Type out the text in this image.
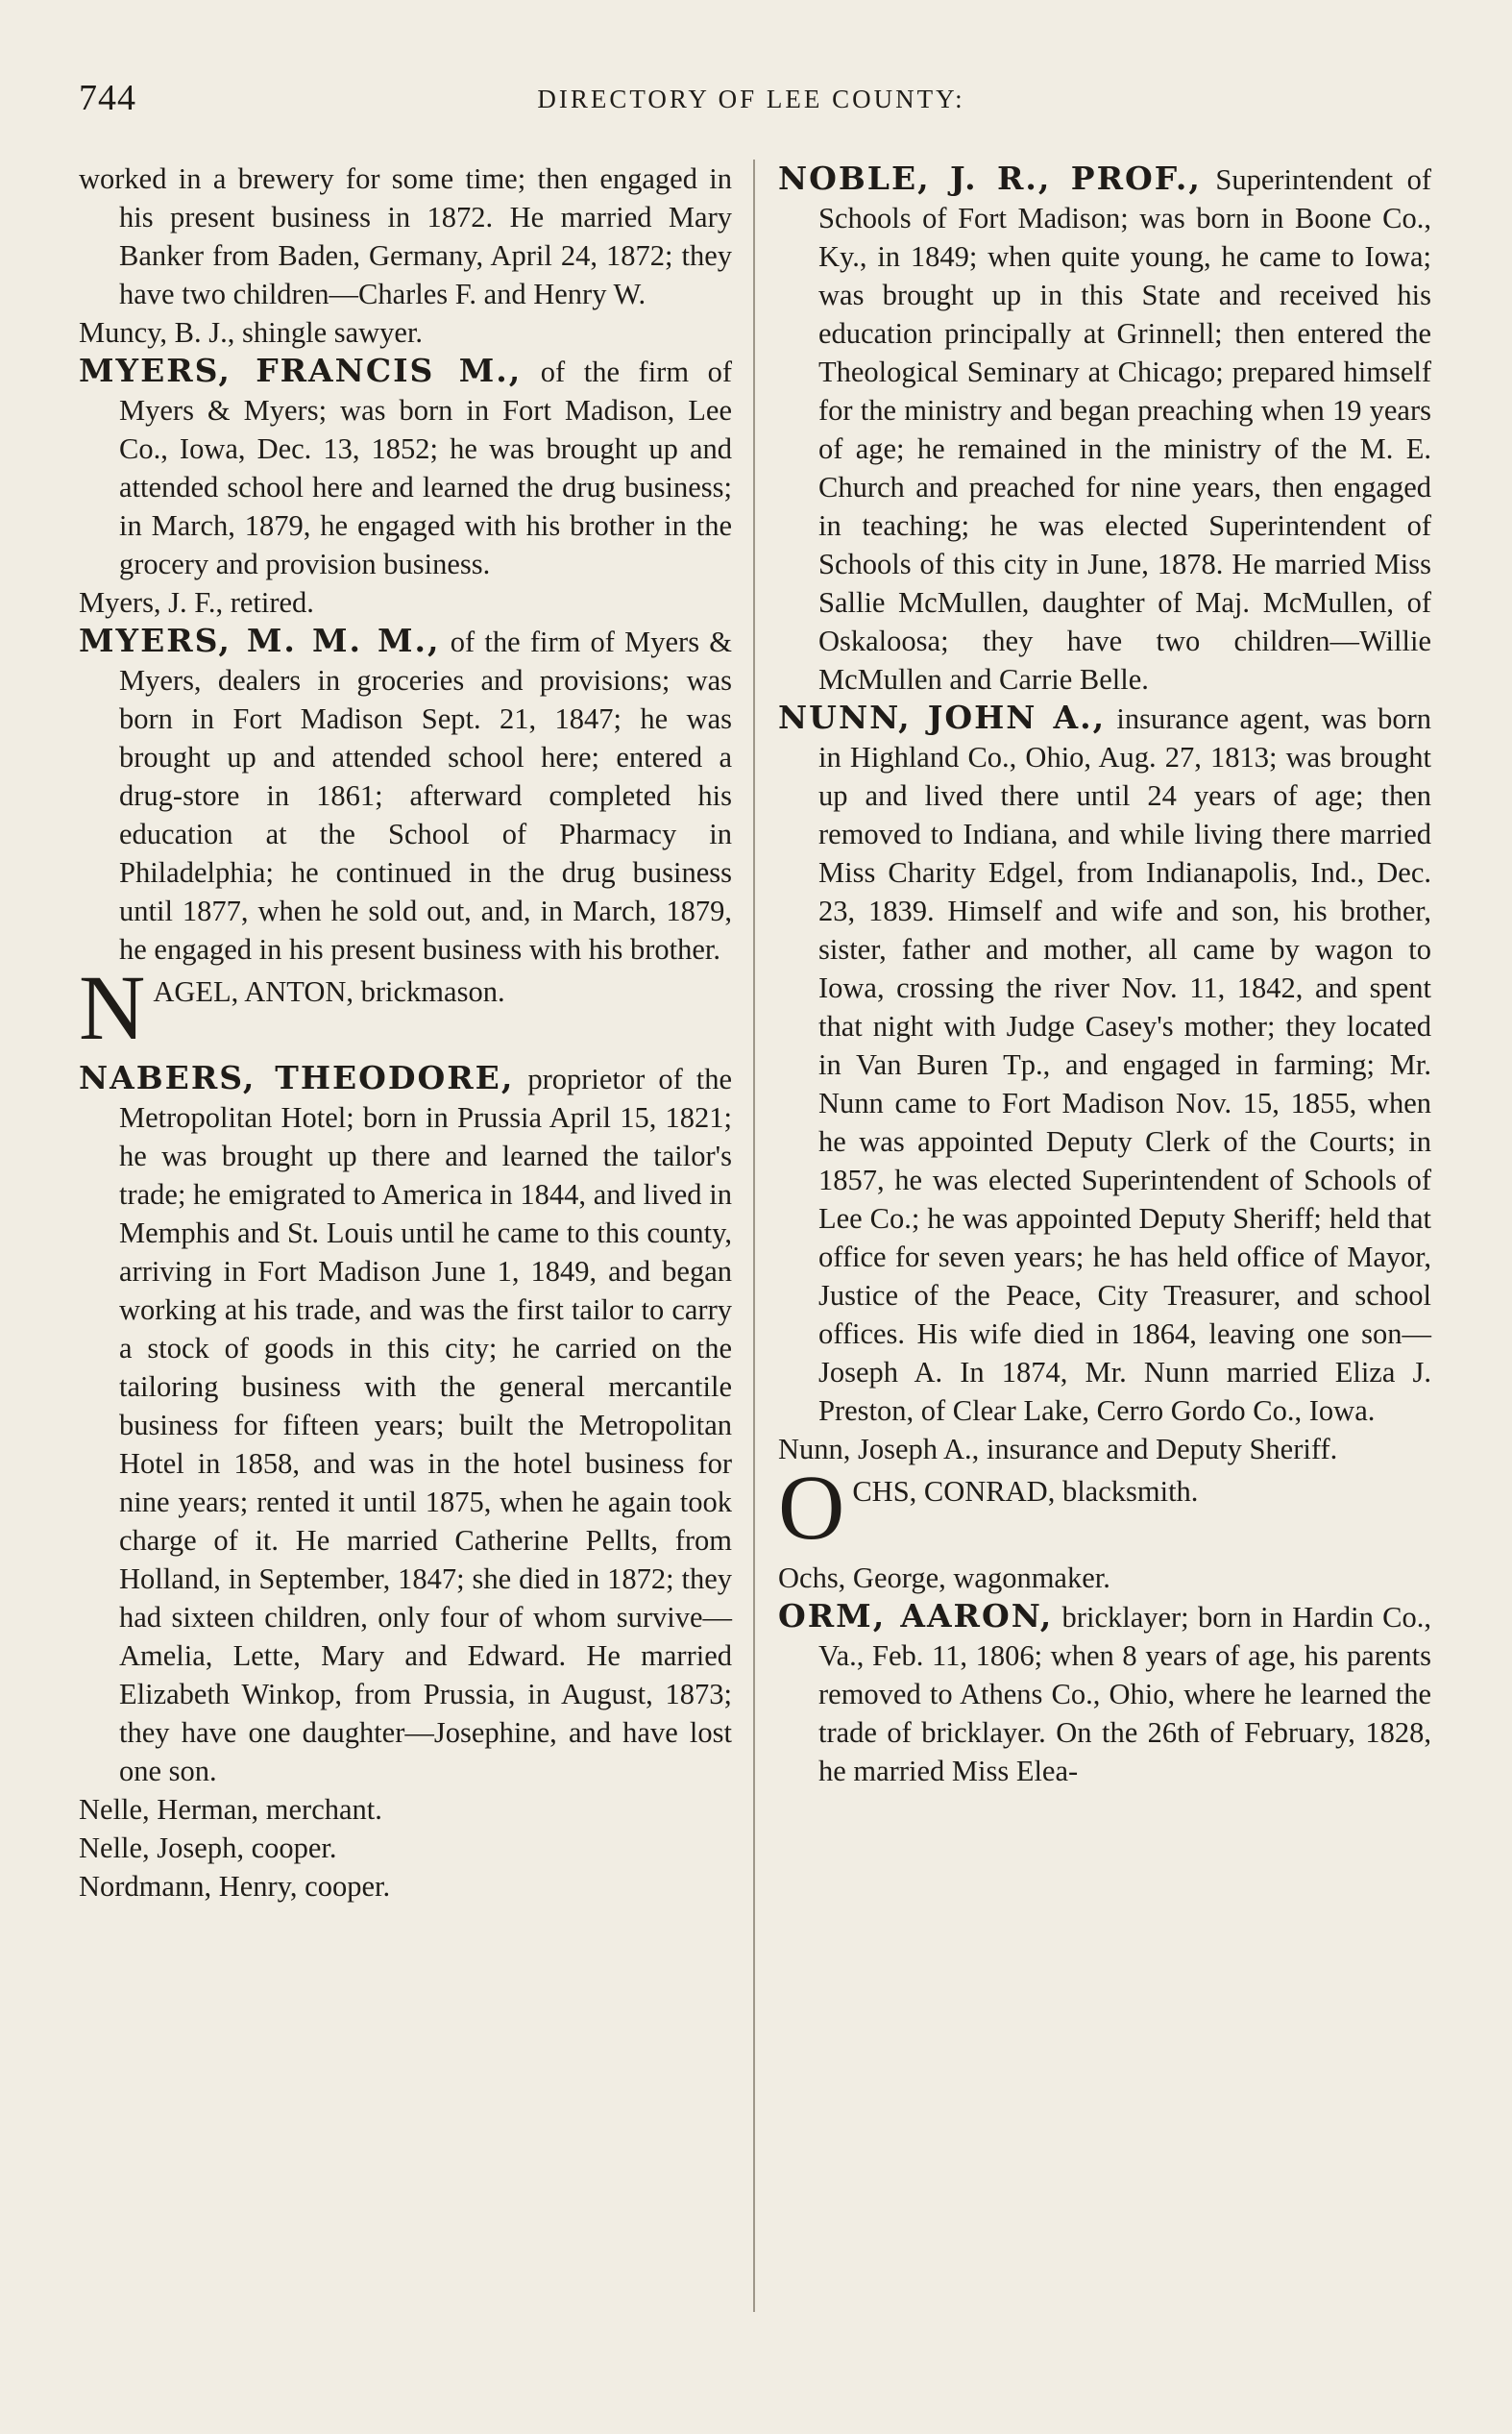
744	DIRECTORY OF LEE COUNTY:
worked in a brewery for some time; then engaged in his present business in 1872. He married Mary Banker from Baden, Germany, April 24, 1872; they have two children—Charles F. and Henry W.
Muncy, B. J., shingle sawyer.
MYERS, FRANCIS M., of the firm of Myers & Myers; was born in Fort Madison, Lee Co., Iowa, Dec. 13, 1852; he was brought up and attended school here and learned the drug business; in March, 1879, he engaged with his brother in the grocery and provision business.
Myers, J. F., retired.
MYERS, M. M. M., of the firm of Myers & Myers, dealers in groceries and provisions; was born in Fort Madison Sept. 21, 1847; he was brought up and attended school here; entered a drug-store in 1861; afterward completed his education at the School of Pharmacy in Philadelphia; he continued in the drug business until 1877, when he sold out, and, in March, 1879, he engaged in his present business with his brother.
NAGEL, ANTON, brickmason.
NABERS, THEODORE, proprietor of the Metropolitan Hotel; born in Prussia April 15, 1821; he was brought up there and learned the tailor's trade; he emigrated to America in 1844, and lived in Memphis and St. Louis until he came to this county, arriving in Fort Madison June 1, 1849, and began working at his trade, and was the first tailor to carry a stock of goods in this city; he carried on the tailoring business with the general mercantile business for fifteen years; built the Metropolitan Hotel in 1858, and was in the hotel business for nine years; rented it until 1875, when he again took charge of it. He married Catherine Pellts, from Holland, in September, 1847; she died in 1872; they had sixteen children, only four of whom survive—Amelia, Lette, Mary and Edward. He married Elizabeth Winkop, from Prussia, in August, 1873; they have one daughter—Josephine, and have lost one son.
Nelle, Herman, merchant.
Nelle, Joseph, cooper.
Nordmann, Henry, cooper.
NOBLE, J. R., PROF., Superintendent of Schools of Fort Madison; was born in Boone Co., Ky., in 1849; when quite young, he came to Iowa; was brought up in this State and received his education principally at Grinnell; then entered the Theological Seminary at Chicago; prepared himself for the ministry and began preaching when 19 years of age; he remained in the ministry of the M. E. Church and preached for nine years, then engaged in teaching; he was elected Superintendent of Schools of this city in June, 1878. He married Miss Sallie McMullen, daughter of Maj. McMullen, of Oskaloosa; they have two children—Willie McMullen and Carrie Belle.
NUNN, JOHN A., insurance agent, was born in Highland Co., Ohio, Aug. 27, 1813; was brought up and lived there until 24 years of age; then removed to Indiana, and while living there married Miss Charity Edgel, from Indianapolis, Ind., Dec. 23, 1839. Himself and wife and son, his brother, sister, father and mother, all came by wagon to Iowa, crossing the river Nov. 11, 1842, and spent that night with Judge Casey's mother; they located in Van Buren Tp., and engaged in farming; Mr. Nunn came to Fort Madison Nov. 15, 1855, when he was appointed Deputy Clerk of the Courts; in 1857, he was elected Superintendent of Schools of Lee Co.; he was appointed Deputy Sheriff; held that office for seven years; he has held office of Mayor, Justice of the Peace, City Treasurer, and school offices. His wife died in 1864, leaving one son—Joseph A. In 1874, Mr. Nunn married Eliza J. Preston, of Clear Lake, Cerro Gordo Co., Iowa.
Nunn, Joseph A., insurance and Deputy Sheriff.
OCHS, CONRAD, blacksmith.
Ochs, George, wagonmaker.
ORM, AARON, bricklayer; born in Hardin Co., Va., Feb. 11, 1806; when 8 years of age, his parents removed to Athens Co., Ohio, where he learned the trade of bricklayer. On the 26th of February, 1828, he married Miss Elea-
